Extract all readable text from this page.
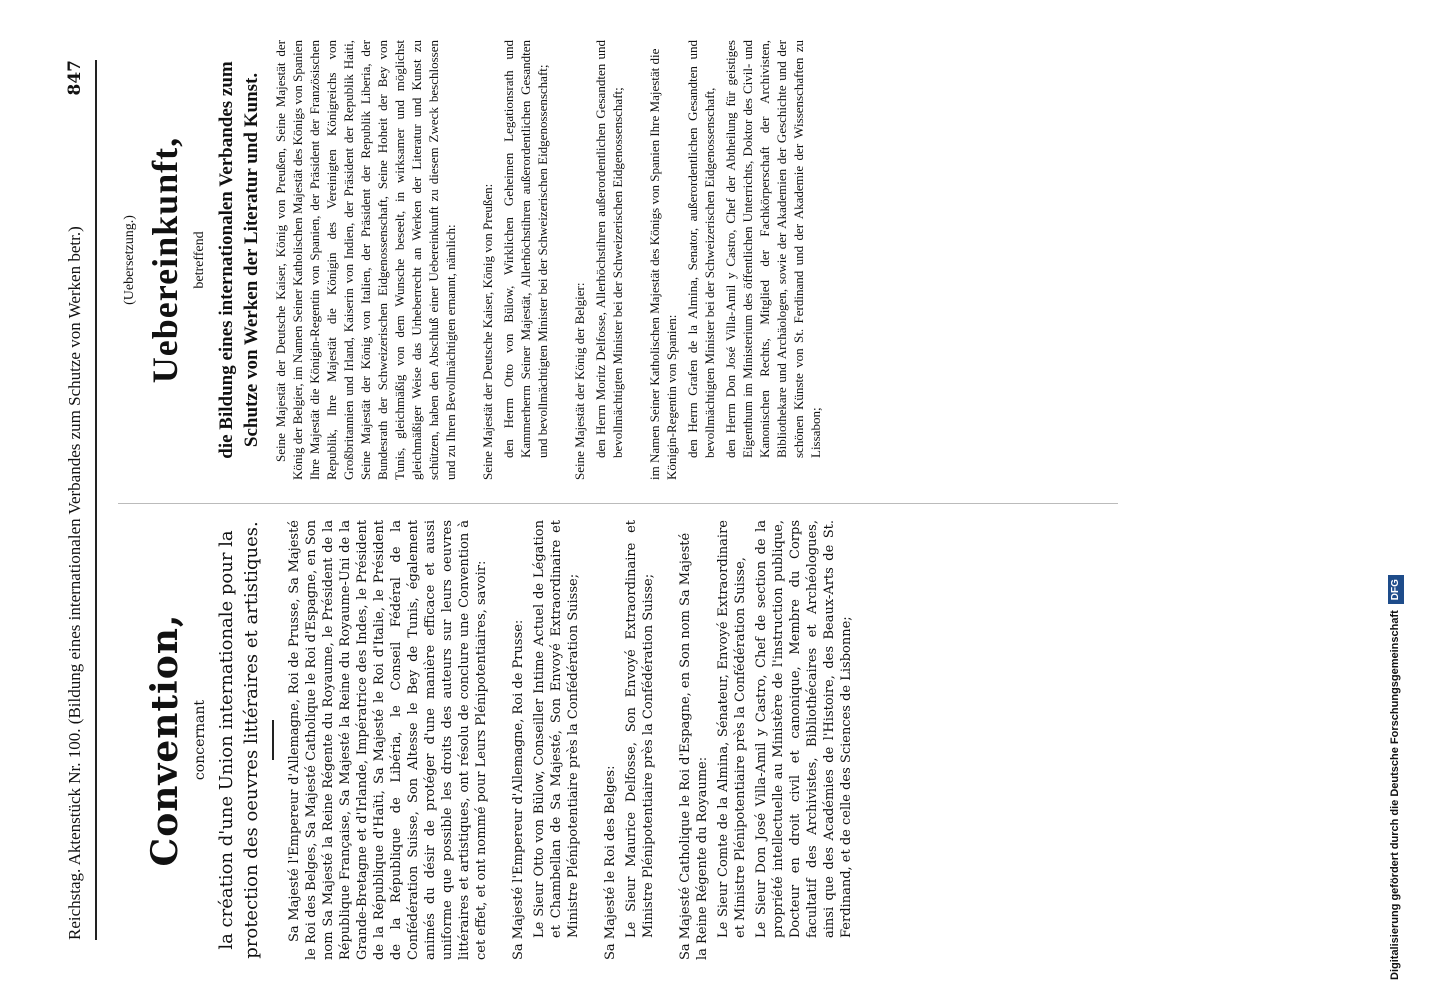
Reichstag. Aktenstück Nr. 100. (Bildung eines internationalen Verbandes zum Schutze von Werken betr.)
847
Convention, concernant la création d'une Union internationale pour la protection des oeuvres littéraires et artistiques. Sa Majesté l'Empereur d'Allemagne, Roi de Prusse, Sa Majesté le Roi des Belges, Sa Majesté Catholique le Roi d'Espagne, en Son nom Sa Majesté la Reine Régente du Royaume, le Président de la République Française, Sa Majesté la Reine du Royaume-Uni de la Grande-Bretagne et d'Irlande, Impératrice des Indes, le Président de la République d'Haïti, Sa Majesté le Roi d'Italie, le Président de la République de Libéria, le Conseil Fédéral de la Confédération Suisse, Son Altesse le Bey de Tunis, également animés du désir de protéger d'une manière efficace et aussi uniforme que possible les droits des auteurs sur leurs oeuvres littéraires et artistiques, ont résolu de conclure une Convention à cet effet, et ont nommé pour Leurs Plénipotentiaires, savoir: Sa Majesté l'Empereur d'Allemagne, Roi de Prusse: Le Sieur Otto von Bülow, Conseiller Intime Actuel de Légation et Chambellan de Sa Majesté, Son Envoyé Extraordinaire et Ministre Plénipotentiaire près la Confédération Suisse; Sa Majesté le Roi des Belges: Le Sieur Maurice Delfosse, Son Envoyé Extraordinaire et Ministre Plénipotentiaire près la Confédération Suisse; Sa Majesté Catholique le Roi d'Espagne, en Son nom Sa Majesté la Reine Régente du Royaume: Le Sieur Comte de la Almina, Sénateur, Envoyé Extraordinaire et Ministre Plénipotentiaire près la Confédération Suisse, Le Sieur Don José Villa-Amil y Castro, Chef de section de la propriété intellectuelle au Ministère de l'instruction publique, Docteur en droit civil et canonique, Membre du Corps facultatif des Archivistes, Bibliothécaires et Archéologues, ainsi que des Académies de l'Histoire, des Beaux-Arts de St. Ferdinand, et de celle des Sciences de Lisbonne;
(Uebersetzung.) Uebereinkunft, betreffend die Bildung eines internationalen Verbandes zum Schutze von Werken der Literatur und Kunst. Seine Majestät der Deutsche Kaiser, König von Preußen, Seine Majestät der König der Belgier, im Namen Seiner Katholischen Majestät des Königs von Spanien Ihre Majestät die Königin-Regentin von Spanien, der Präsident der Französischen Republik, Ihre Majestät die Königin des Vereinigten Königreichs von Großbritannien und Irland, Kaiserin von Indien, der Präsident der Republik Haiti, Seine Majestät der König von Italien, der Präsident der Republik Liberia, der Bundesrath der Schweizerischen Eidgenossenschaft, Seine Hoheit der Bey von Tunis, gleichmäßig von dem Wunsche beseelt, in wirksamer und möglichst gleichmäßiger Weise das Urheberrecht an Werken der Literatur und Kunst zu schützen, haben den Abschluß einer Uebereinkunft zu diesem Zweck beschlossen und zu Ihren Bevollmächtigten ernannt, nämlich: Seine Majestät der Deutsche Kaiser, König von Preußen: den Herrn Otto von Bülow, Wirklichen Geheimen Legationsrath und Kammerherrn Seiner Majestät, Allerhöchstihren außerordentlichen Gesandten und bevollmächtigten Minister bei der Schweizerischen Eidgenossenschaft; Seine Majestät der König der Belgier: den Herrn Moritz Delfosse, Allerhöchstihren außerordentlichen Gesandten und bevollmächtigten Minister bei der Schweizerischen Eidgenossenschaft; im Namen Seiner Katholischen Majestät des Königs von Spanien Ihre Majestät die Königin-Regentin von Spanien: den Herrn Grafen de la Almina, Senator, außerordentlichen Gesandten und bevollmächtigten Minister bei der Schweizerischen Eidgenossenschaft, den Herrn Don José Villa-Amil y Castro, Chef der Abtheilung für geistiges Eigenthum im Ministerium des öffentlichen Unterrichts, Doktor des Civil- und Kanonischen Rechts, Mitglied der Fachkörperschaft der Archivisten, Bibliothekare und Archäologen, sowie der Akademien der Geschichte und der schönen Künste von St. Ferdinand und der Akademie der Wissenschaften zu Lissabon;
Digitalisierung gefördert durch die Deutsche ForschungsgemeinschaftDFG
